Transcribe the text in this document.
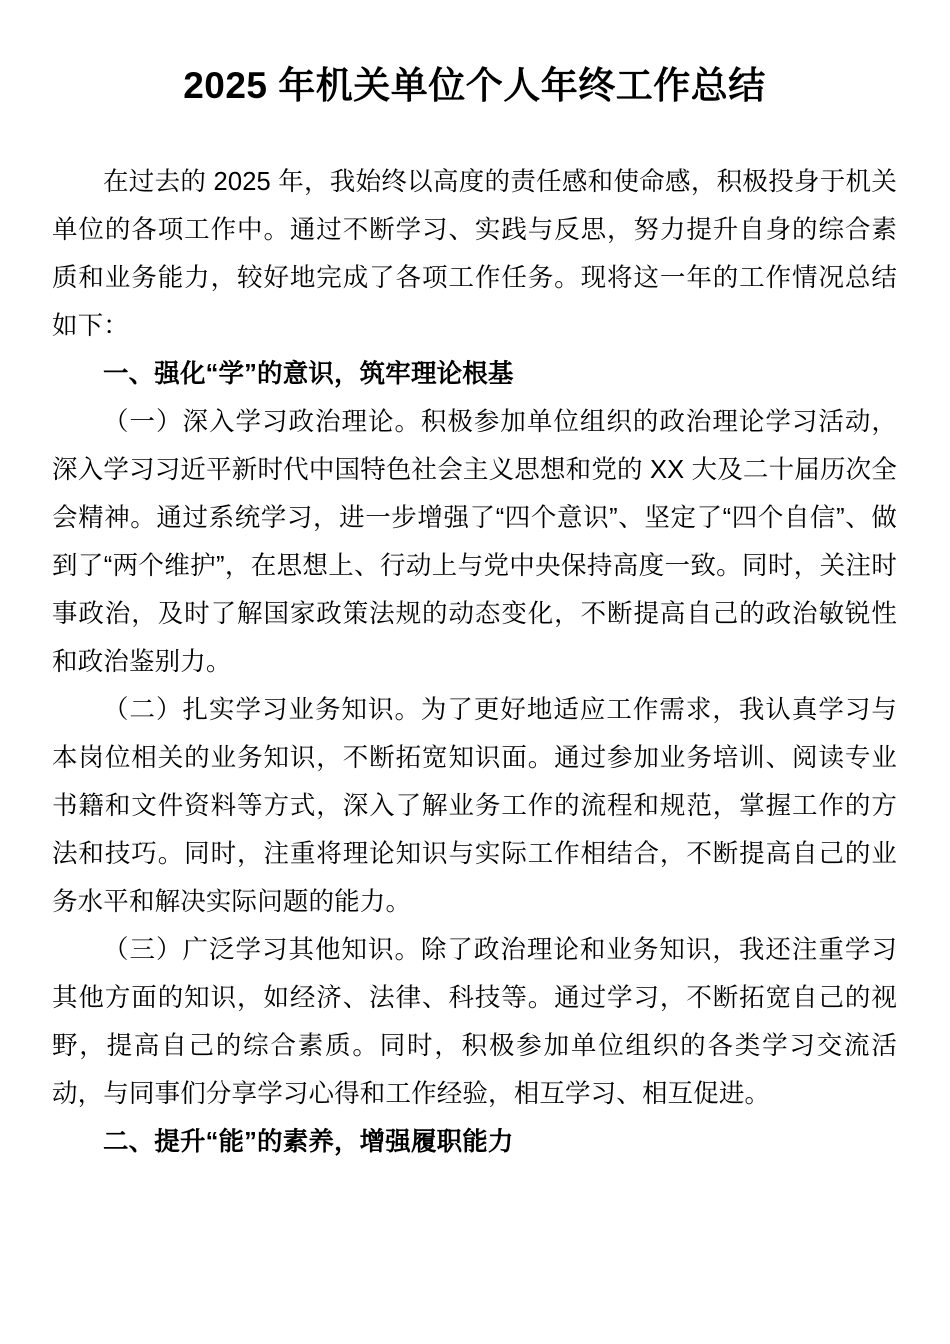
2025 年机关单位个人年终工作总结

在过去的 2025 年，我始终以高度的责任感和使命感，积极投身于机关单位的各项工作中。通过不断学习、实践与反思，努力提升自身的综合素质和业务能力，较好地完成了各项工作任务。现将这一年的工作情况总结如下：

一、强化“学”的意识，筑牢理论根基

（一）深入学习政治理论。积极参加单位组织的政治理论学习活动，深入学习习近平新时代中国特色社会主义思想和党的 XX 大及二十届历次全会精神。通过系统学习，进一步增强了“四个意识”、坚定了“四个自信”、做到了“两个维护”，在思想上、行动上与党中央保持高度一致。同时，关注时事政治，及时了解国家政策法规的动态变化，不断提高自己的政治敏锐性和政治鉴别力。

（二）扎实学习业务知识。为了更好地适应工作需求，我认真学习与本岗位相关的业务知识，不断拓宽知识面。通过参加业务培训、阅读专业书籍和文件资料等方式，深入了解业务工作的流程和规范，掌握工作的方法和技巧。同时，注重将理论知识与实际工作相结合，不断提高自己的业务水平和解决实际问题的能力。

（三）广泛学习其他知识。除了政治理论和业务知识，我还注重学习其他方面的知识，如经济、法律、科技等。通过学习，不断拓宽自己的视野，提高自己的综合素质。同时，积极参加单位组织的各类学习交流活动，与同事们分享学习心得和工作经验，相互学习、相互促进。

二、提升“能”的素养，增强履职能力
